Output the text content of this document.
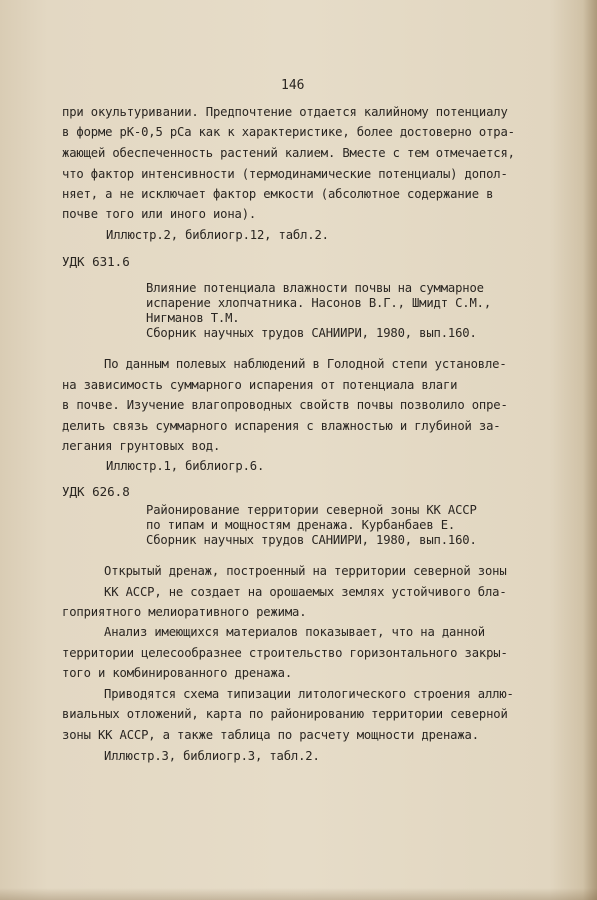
146
при окультуривании. Предпочтение отдается калийному потенциалу
в форме рК-0,5 рСа как к характеристике, более достоверно отра-
жающей обеспеченность растений калием. Вместе с тем отмечается,
что фактор интенсивности (термодинамические потенциалы) допол-
няет, а не исключает фактор емкости (абсолютное содержание в
почве того или иного иона).
Иллюстр.2, библиогр.12, табл.2.
УДК 631.6
Влияние потенциала влажности почвы на суммарное
испарение хлопчатника. Насонов В.Г., Шмидт С.М.,
Нигманов Т.М.
Сборник научных трудов САНИИРИ, 1980, вып.160.
По данным полевых наблюдений в Голодной степи установле-
на зависимость суммарного испарения от потенциала влаги
в почве. Изучение влагопроводных свойств почвы позволило опре-
делить связь суммарного испарения с влажностью и глубиной за-
легания грунтовых вод.
Иллюстр.1, библиогр.6.
УДК 626.8
Районирование территории северной зоны КК АССР
по типам и мощностям дренажа. Курбанбаев Е.
Сборник научных трудов САНИИРИ, 1980, вып.160.
Открытый дренаж, построенный на территории северной зоны
КК АССР, не создает на орошаемых землях устойчивого бла-
гоприятного мелиоративного режима.
Анализ имеющихся материалов показывает, что на данной
территории целесообразнее строительство горизонтального закры-
того и комбинированного дренажа.
Приводятся схема типизации литологического строения аллю-
виальных отложений, карта по районированию территории северной
зоны КК АССР, а также таблица по расчету мощности дренажа.
Иллюстр.3, библиогр.3, табл.2.
